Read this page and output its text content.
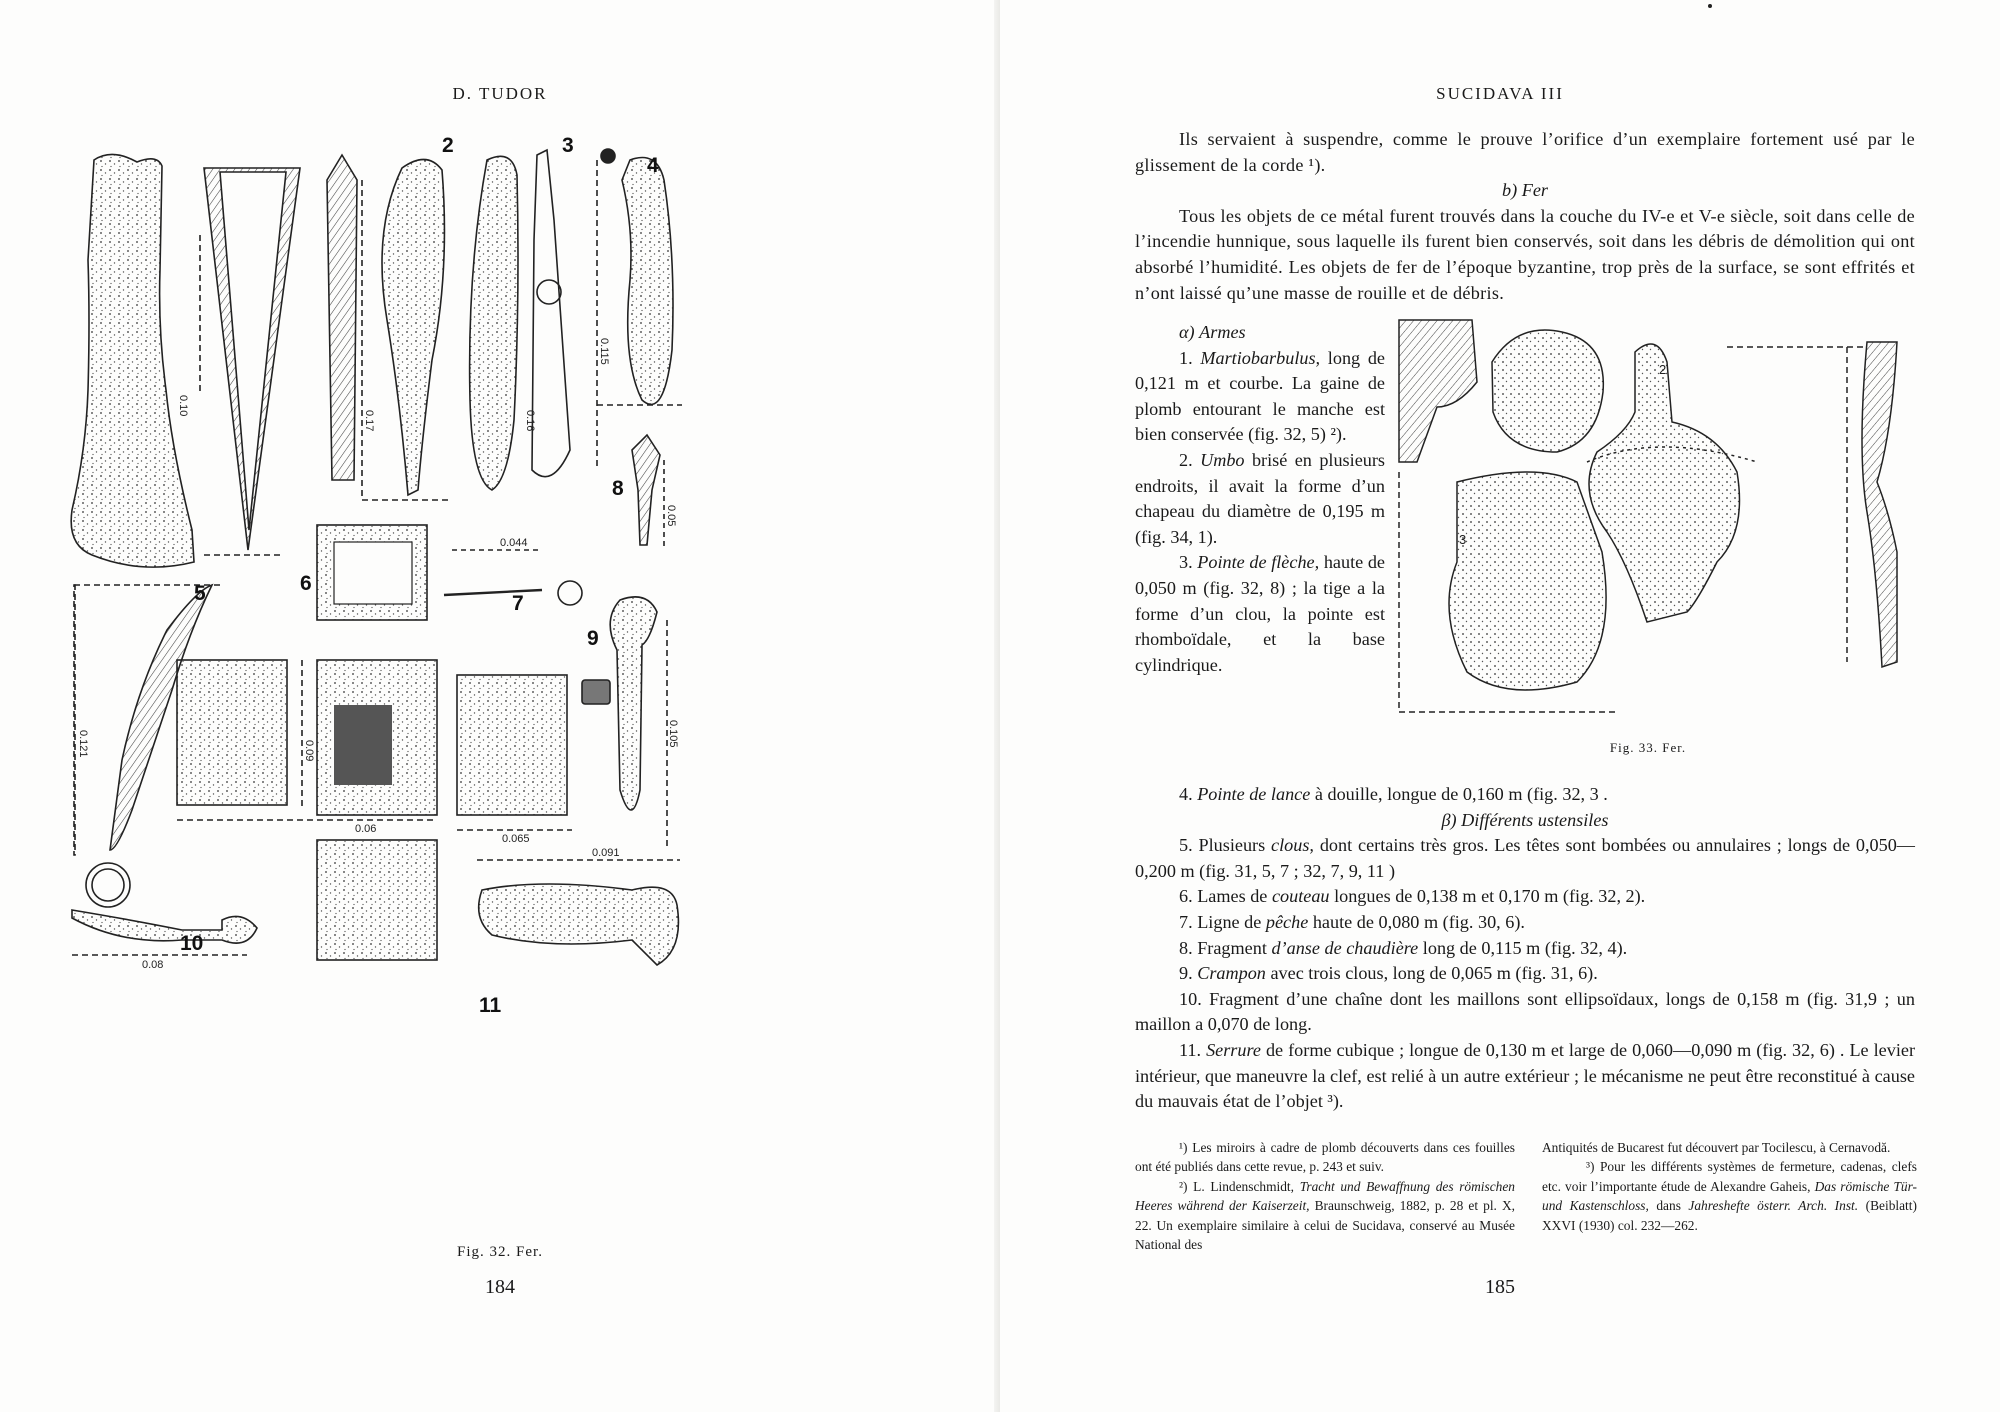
D. TUDOR
2	3
4
5	6
7
8
9
10
11
0.10
0.17	0.16
0.115
0.05
0.044
0.121	0.09
0.06
0.065
0.105
0.091
0.08
Fig. 32. Fer.
184
SUCIDAVA III

Ils servaient à suspendre, comme le prouve l’orifice d’un exemplaire fortement usé par le glissement de la corde ¹).

b) Fer

Tous les objets de ce métal furent trouvés dans la couche du IV-e et V-e siècle, soit dans celle de l’incendie hunnique, sous laquelle ils furent bien conservés, soit dans les débris de démolition qui ont absorbé l’humidité. Les objets de fer de l’époque byzantine, trop près de la surface, se sont effrités et n’ont laissé qu’une masse de rouille et de débris.

α) Armes

1. Martiobarbulus, long de 0,121 m et courbe. La gaine de plomb entourant le manche est bien conservée (fig. 32, 5) ²).

2. Umbo brisé en plusieurs endroits, il avait la forme d’un chapeau du diamètre de 0,195 m (fig. 34, 1).

3. Pointe de flèche, haute de 0,050 m (fig. 32, 8) ; la tige a la forme d’un clou, la pointe est rhomboïdale, et la base cylindrique.

2
3
Fig. 33. Fer.

4. Pointe de lance à douille, longue de 0,160 m (fig. 32, 3 .

β) Différents ustensiles

5. Plusieurs clous, dont certains très gros. Les têtes sont bombées ou annulaires ; longs de 0,050—0,200 m (fig. 31, 5, 7 ; 32, 7, 9, 11 )

6. Lames de couteau longues de 0,138 m et 0,170 m (fig. 32, 2).

7. Ligne de pêche haute de 0,080 m (fig. 30, 6).

8. Fragment d’anse de chaudière long de 0,115 m (fig. 32, 4).

9. Crampon avec trois clous, long de 0,065 m (fig. 31, 6).

10. Fragment d’une chaîne dont les maillons sont ellipsoïdaux, longs de 0,158 m (fig. 31,9 ; un maillon a 0,070 de long.

11. Serrure de forme cubique ; longue de 0,130 m et large de 0,060—0,090 m (fig. 32, 6) . Le levier intérieur, que maneuvre la clef, est relié à un autre extérieur ; le mécanisme ne peut être reconstitué à cause du mauvais état de l’objet ³).

¹) Les miroirs à cadre de plomb découverts dans ces fouilles ont été publiés dans cette revue, p. 243 et suiv.

²) L. Lindenschmidt, Tracht und Bewaffnung des römischen Heeres während der Kaiserzeit, Braunschweig, 1882, p. 28 et pl. X, 22. Un exemplaire similaire à celui de Sucidava, conservé au Musée National des

Antiquités de Bucarest fut découvert par Tocilescu, à Cernavodă.

³) Pour les différents systèmes de fermeture, cadenas, clefs etc. voir l’importante étude de Alexandre Gaheis, Das römische Tür-und Kastenschloss, dans Jahreshefte österr. Arch. Inst. (Beiblatt) XXVI (1930) col. 232—262.

185
